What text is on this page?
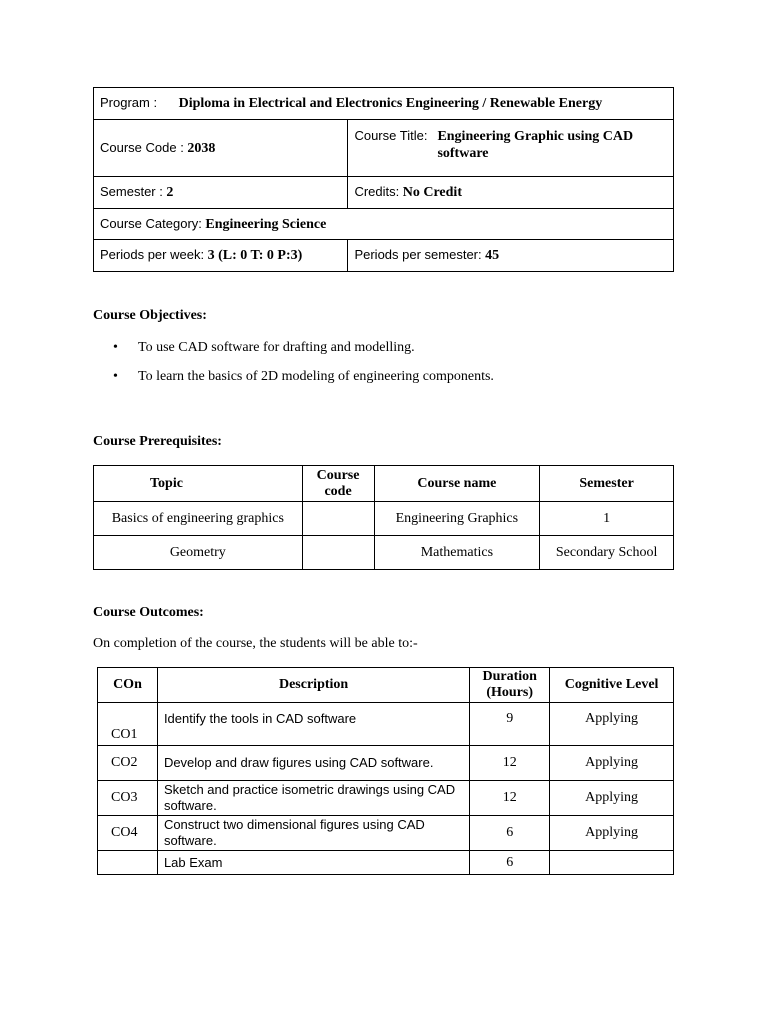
Program : Diploma in Electrical and Electronics Engineering / Renewable Energy	
Course Code : 2038	Course Title: Engineering Graphic using CAD software

Semester : 2	Credits: No Credit
Course Category: Engineering Science	
Periods per week: 3 (L: 0 T: 0 P:3)	Periods per semester: 45
Course Objectives:
• To use CAD software for drafting and modelling.
• To learn the basics of 2D modeling of engineering components.
Course Prerequisites:
Topic	Course code	Course name	Semester
Basics of engineering graphics		Engineering Graphics	1
Geometry		Mathematics	Secondary School
Course Outcomes:
On completion of the course, the students will be able to:-
COn	Description	Duration (Hours)	Cognitive Level
CO1	Identify the tools in CAD software	9	Applying
CO2	Develop and draw figures using CAD software.	12	Applying
CO3	Sketch and practice isometric drawings using CAD software.	12	Applying
CO4	Construct two dimensional figures using CAD software.	6	Applying
	Lab Exam	6	
